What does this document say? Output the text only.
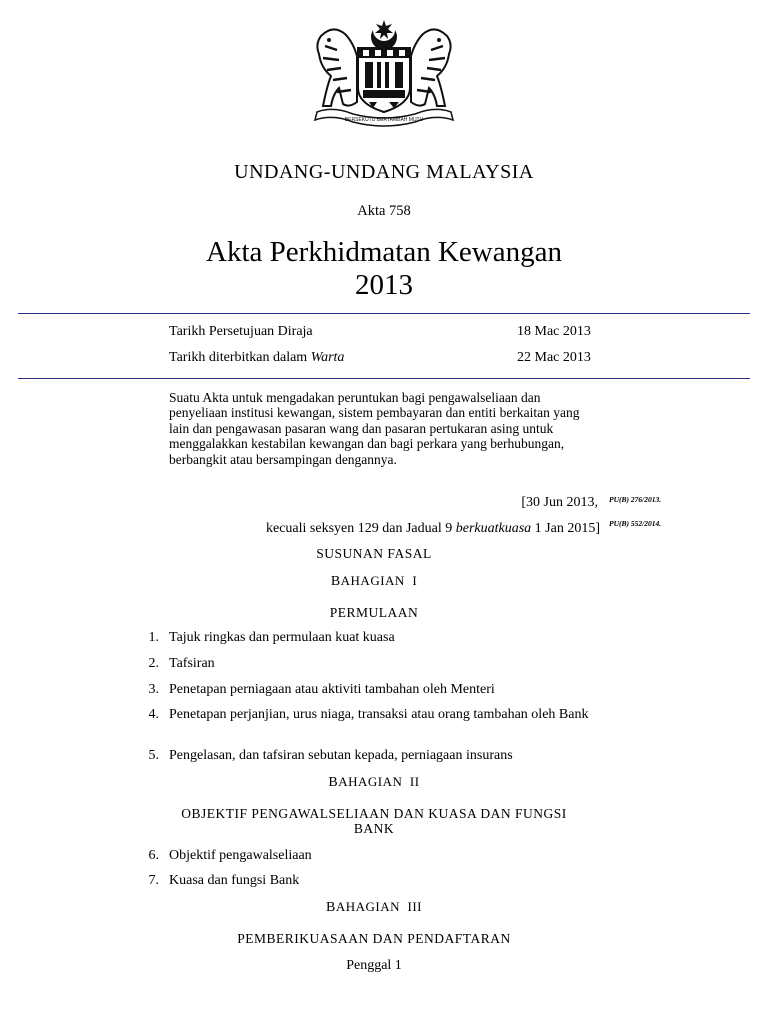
BERSEKUTU BERTAMBAH MUTU
UNDANG-UNDANG MALAYSIA
Akta 758
Akta Perkhidmatan Kewangan
2013
Tarikh Persetujuan Diraja	18 Mac 2013
Tarikh diterbitkan dalam Warta	22 Mac 2013
Suatu Akta untuk mengadakan peruntukan bagi pengawalseliaan dan penyeliaan institusi kewangan, sistem pembayaran dan entiti berkaitan yang lain dan pengawasan pasaran wang dan pasaran pertukaran asing untuk menggalakkan kestabilan kewangan dan bagi perkara yang berhubungan, berbangkit atau bersampingan dengannya.
[30 Jun 2013, PU(B) 276/2013.
kecuali seksyen 129 dan Jadual 9 berkuatkuasa 1 Jan 2015] PU(B) 552/2014.
SUSUNAN FASAL
BAHAGIAN I
PERMULAAN
1. Tajuk ringkas dan permulaan kuat kuasa
2. Tafsiran
3. Penetapan perniagaan atau aktiviti tambahan oleh Menteri
4. Penetapan perjanjian, urus niaga, transaksi atau orang tambahan oleh Bank
5. Pengelasan, dan tafsiran sebutan kepada, perniagaan insurans
BAHAGIAN II
OBJEKTIF PENGAWALSELIAAN DAN KUASA DAN FUNGSI
BANK
6. Objektif pengawalseliaan
7. Kuasa dan fungsi Bank
BAHAGIAN III
PEMBERIKUASAAN DAN PENDAFTARAN
Penggal 1
